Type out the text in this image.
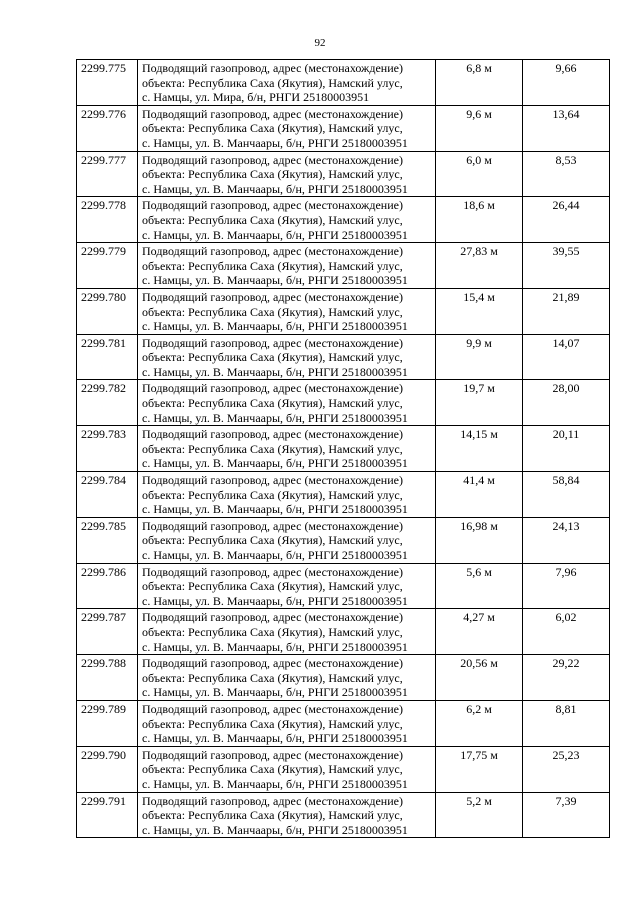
92
2299.775	Подводящий газопровод, адрес (местонахождение)
объекта: Республика Саха (Якутия), Намский улус,
с. Намцы, ул. Мира, б/н, РНГИ 25180003951	6,8 м	9,66
2299.776	Подводящий газопровод, адрес (местонахождение)
объекта: Республика Саха (Якутия), Намский улус,
с. Намцы, ул. В. Манчаары, б/н, РНГИ 25180003951	9,6 м	13,64
2299.777	Подводящий газопровод, адрес (местонахождение)
объекта: Республика Саха (Якутия), Намский улус,
с. Намцы, ул. В. Манчаары, б/н, РНГИ 25180003951	6,0 м	8,53
2299.778	Подводящий газопровод, адрес (местонахождение)
объекта: Республика Саха (Якутия), Намский улус,
с. Намцы, ул. В. Манчаары, б/н, РНГИ 25180003951	18,6 м	26,44
2299.779	Подводящий газопровод, адрес (местонахождение)
объекта: Республика Саха (Якутия), Намский улус,
с. Намцы, ул. В. Манчаары, б/н, РНГИ 25180003951	27,83 м	39,55
2299.780	Подводящий газопровод, адрес (местонахождение)
объекта: Республика Саха (Якутия), Намский улус,
с. Намцы, ул. В. Манчаары, б/н, РНГИ 25180003951	15,4 м	21,89
2299.781	Подводящий газопровод, адрес (местонахождение)
объекта: Республика Саха (Якутия), Намский улус,
с. Намцы, ул. В. Манчаары, б/н, РНГИ 25180003951	9,9 м	14,07
2299.782	Подводящий газопровод, адрес (местонахождение)
объекта: Республика Саха (Якутия), Намский улус,
с. Намцы, ул. В. Манчаары, б/н, РНГИ 25180003951	19,7 м	28,00
2299.783	Подводящий газопровод, адрес (местонахождение)
объекта: Республика Саха (Якутия), Намский улус,
с. Намцы, ул. В. Манчаары, б/н, РНГИ 25180003951	14,15 м	20,11
2299.784	Подводящий газопровод, адрес (местонахождение)
объекта: Республика Саха (Якутия), Намский улус,
с. Намцы, ул. В. Манчаары, б/н, РНГИ 25180003951	41,4 м	58,84
2299.785	Подводящий газопровод, адрес (местонахождение)
объекта: Республика Саха (Якутия), Намский улус,
с. Намцы, ул. В. Манчаары, б/н, РНГИ 25180003951	16,98 м	24,13
2299.786	Подводящий газопровод, адрес (местонахождение)
объекта: Республика Саха (Якутия), Намский улус,
с. Намцы, ул. В. Манчаары, б/н, РНГИ 25180003951	5,6 м	7,96
2299.787	Подводящий газопровод, адрес (местонахождение)
объекта: Республика Саха (Якутия), Намский улус,
с. Намцы, ул. В. Манчаары, б/н, РНГИ 25180003951	4,27 м	6,02
2299.788	Подводящий газопровод, адрес (местонахождение)
объекта: Республика Саха (Якутия), Намский улус,
с. Намцы, ул. В. Манчаары, б/н, РНГИ 25180003951	20,56 м	29,22
2299.789	Подводящий газопровод, адрес (местонахождение)
объекта: Республика Саха (Якутия), Намский улус,
с. Намцы, ул. В. Манчаары, б/н, РНГИ 25180003951	6,2 м	8,81
2299.790	Подводящий газопровод, адрес (местонахождение)
объекта: Республика Саха (Якутия), Намский улус,
с. Намцы, ул. В. Манчаары, б/н, РНГИ 25180003951	17,75 м	25,23
2299.791	Подводящий газопровод, адрес (местонахождение)
объекта: Республика Саха (Якутия), Намский улус,
с. Намцы, ул. В. Манчаары, б/н, РНГИ 25180003951	5,2 м	7,39
